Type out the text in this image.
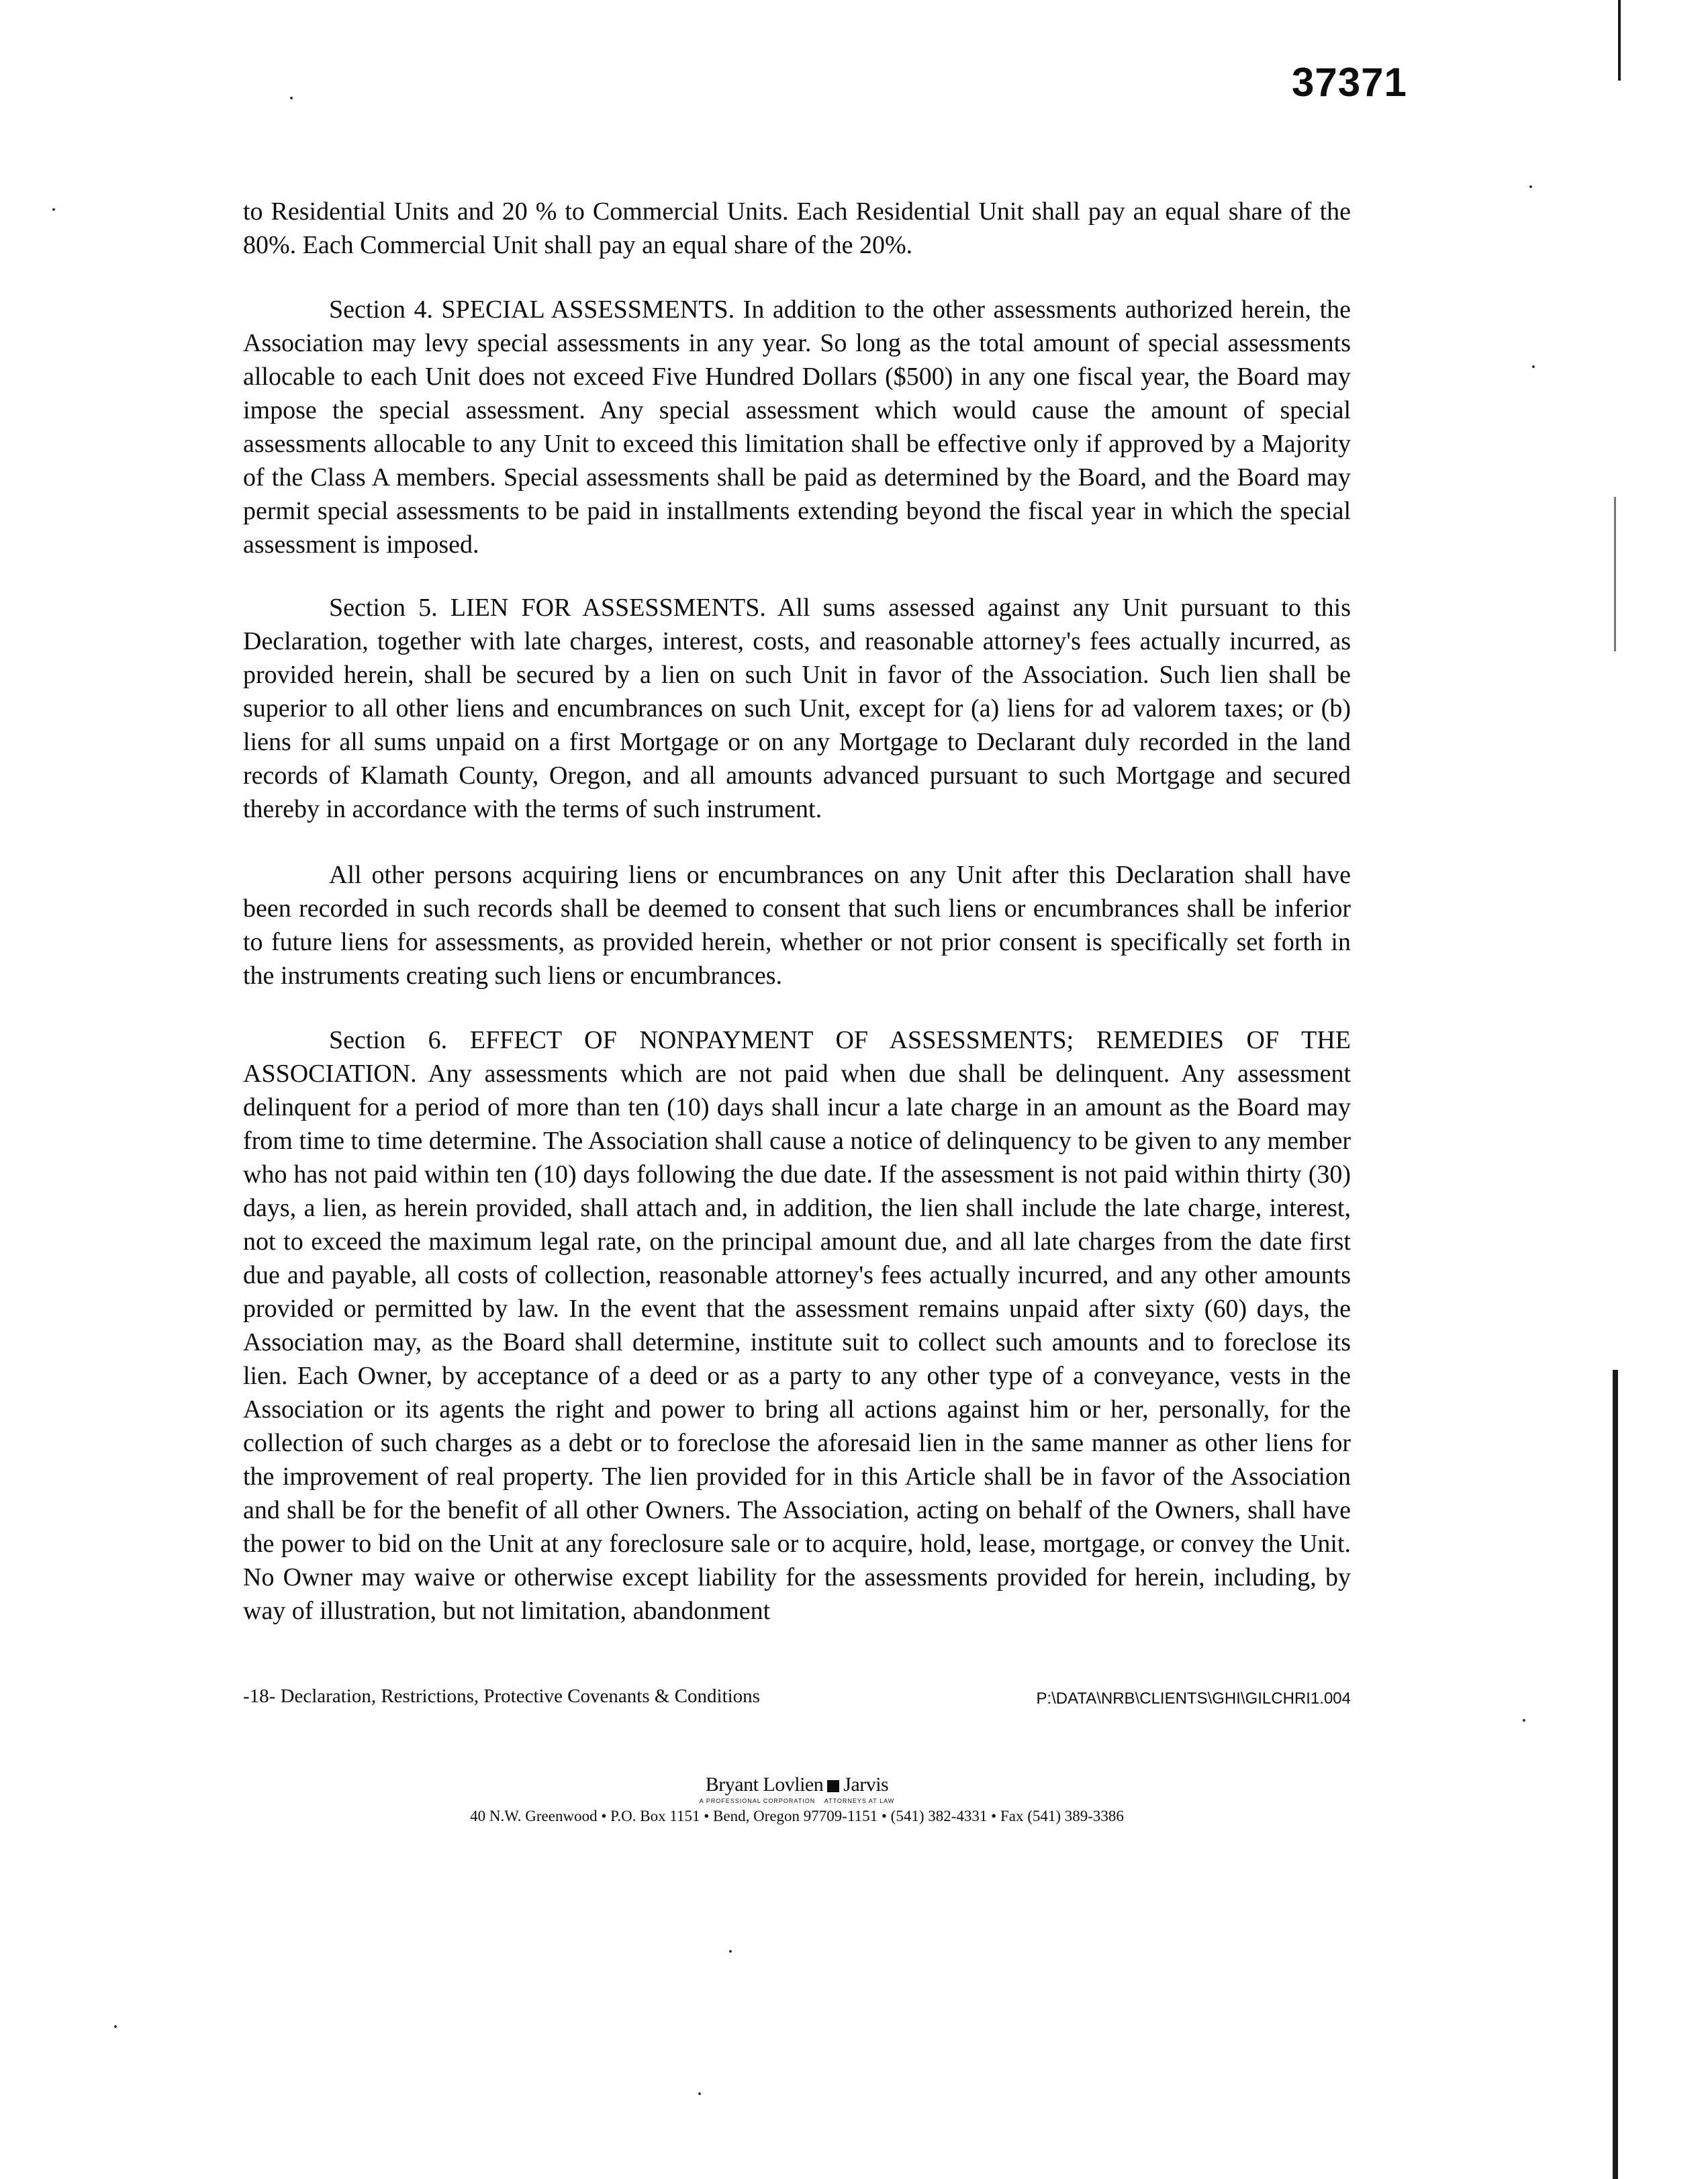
37371

to Residential Units and 20 % to Commercial Units. Each Residential Unit shall pay an equal share of the 80%. Each Commercial Unit shall pay an equal share of the 20%.

Section 4. SPECIAL ASSESSMENTS. In addition to the other assessments authorized herein, the Association may levy special assessments in any year. So long as the total amount of special assessments allocable to each Unit does not exceed Five Hundred Dollars ($500) in any one fiscal year, the Board may impose the special assessment. Any special assessment which would cause the amount of special assessments allocable to any Unit to exceed this limitation shall be effective only if approved by a Majority of the Class A members. Special assessments shall be paid as determined by the Board, and the Board may permit special assessments to be paid in installments extending beyond the fiscal year in which the special assessment is imposed.

Section 5. LIEN FOR ASSESSMENTS. All sums assessed against any Unit pursuant to this Declaration, together with late charges, interest, costs, and reasonable attorney's fees actually incurred, as provided herein, shall be secured by a lien on such Unit in favor of the Association. Such lien shall be superior to all other liens and encumbrances on such Unit, except for (a) liens for ad valorem taxes; or (b) liens for all sums unpaid on a first Mortgage or on any Mortgage to Declarant duly recorded in the land records of Klamath County, Oregon, and all amounts advanced pursuant to such Mortgage and secured thereby in accordance with the terms of such instrument.

All other persons acquiring liens or encumbrances on any Unit after this Declaration shall have been recorded in such records shall be deemed to consent that such liens or encumbrances shall be inferior to future liens for assessments, as provided herein, whether or not prior consent is specifically set forth in the instruments creating such liens or encumbrances.

Section 6. EFFECT OF NONPAYMENT OF ASSESSMENTS; REMEDIES OF THE ASSOCIATION. Any assessments which are not paid when due shall be delinquent. Any assessment delinquent for a period of more than ten (10) days shall incur a late charge in an amount as the Board may from time to time determine. The Association shall cause a notice of delinquency to be given to any member who has not paid within ten (10) days following the due date. If the assessment is not paid within thirty (30) days, a lien, as herein provided, shall attach and, in addition, the lien shall include the late charge, interest, not to exceed the maximum legal rate, on the principal amount due, and all late charges from the date first due and payable, all costs of collection, reasonable attorney's fees actually incurred, and any other amounts provided or permitted by law. In the event that the assessment remains unpaid after sixty (60) days, the Association may, as the Board shall determine, institute suit to collect such amounts and to foreclose its lien. Each Owner, by acceptance of a deed or as a party to any other type of a conveyance, vests in the Association or its agents the right and power to bring all actions against him or her, personally, for the collection of such charges as a debt or to foreclose the aforesaid lien in the same manner as other liens for the improvement of real property. The lien provided for in this Article shall be in favor of the Association and shall be for the benefit of all other Owners. The Association, acting on behalf of the Owners, shall have the power to bid on the Unit at any foreclosure sale or to acquire, hold, lease, mortgage, or convey the Unit. No Owner may waive or otherwise except liability for the assessments provided for herein, including, by way of illustration, but not limitation, abandonment

-18- Declaration, Restrictions, Protective Covenants & Conditions	P:\DATA\NRB\CLIENTS\GHI\GILCHRI1.004
Bryant Lovlien Jarvis
A PROFESSIONAL CORPORATION ATTORNEYS AT LAW
40 N.W. Greenwood • P.O. Box 1151 • Bend, Oregon 97709-1151 • (541) 382-4331 • Fax (541) 389-3386
